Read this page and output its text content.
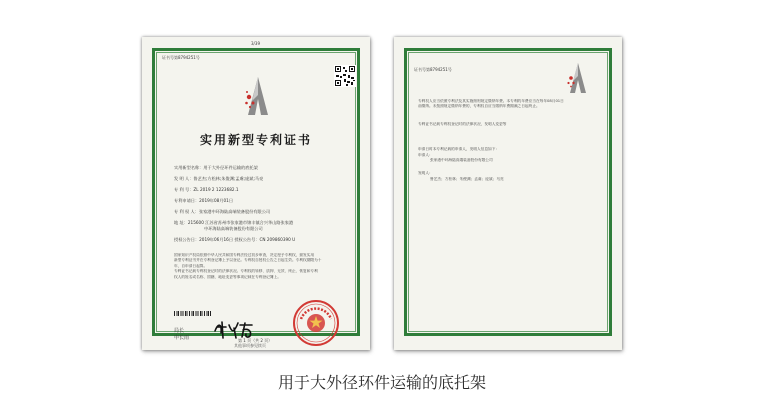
3/39
证书号第8794251号
实用新型专利证书
实用新型名称：用于大外径环件运输的底托架
发 明 人：鲁艺杰;方松林;朱俊渊;孟虞;庞斌;马亮
专 利 号：ZL 2019 2 1223682.1
专利申请日：2019年08月01日
专 利 权 人：张家港中环海陆高端装备股份有限公司
地 址：215600 江苏省苏州市张家港市锦丰镇合兴华山路张家港
中环海陆高端装备股份有限公司
授权公告日：2019年06月16日 授权公告号：CN 209860390 U
国家知识产权局依照中华人民共和国专利法经过初步审查，决定授予专利权，颁发实用
新型专利证书并在专利登记簿上予以登记。专利权自授权公告之日起生效。专利权期限为十
年，自申请日起算。
专利证书记载专利权登记时的法律状况。专利权的转移、质押、无效、终止、恢复和专利
权人的姓名或名称、国籍、地址变更等事项记载在专利登记簿上。
局长
申长雨	第 1 页（共 2 页）
其他事项参见续页
证书号第8794251号
专利权人应当依照专利法及其实施细则规定缴纳年费。本专利的年费应当在每年08月01日
前缴纳。未按照规定缴纳年费的，专利权自应当缴纳年费期满之日起终止。
专利证书记载专利权登记时的法律状况，发明人变更等
申请日时本专利记载的申请人，发明人信息如下：
申请人：
张家港中环海陆高端装备股份有限公司
发明人：
鲁艺杰；方松林；朱俊渊；孟虞；庞斌；马亮
用于大外径环件运输的底托架
